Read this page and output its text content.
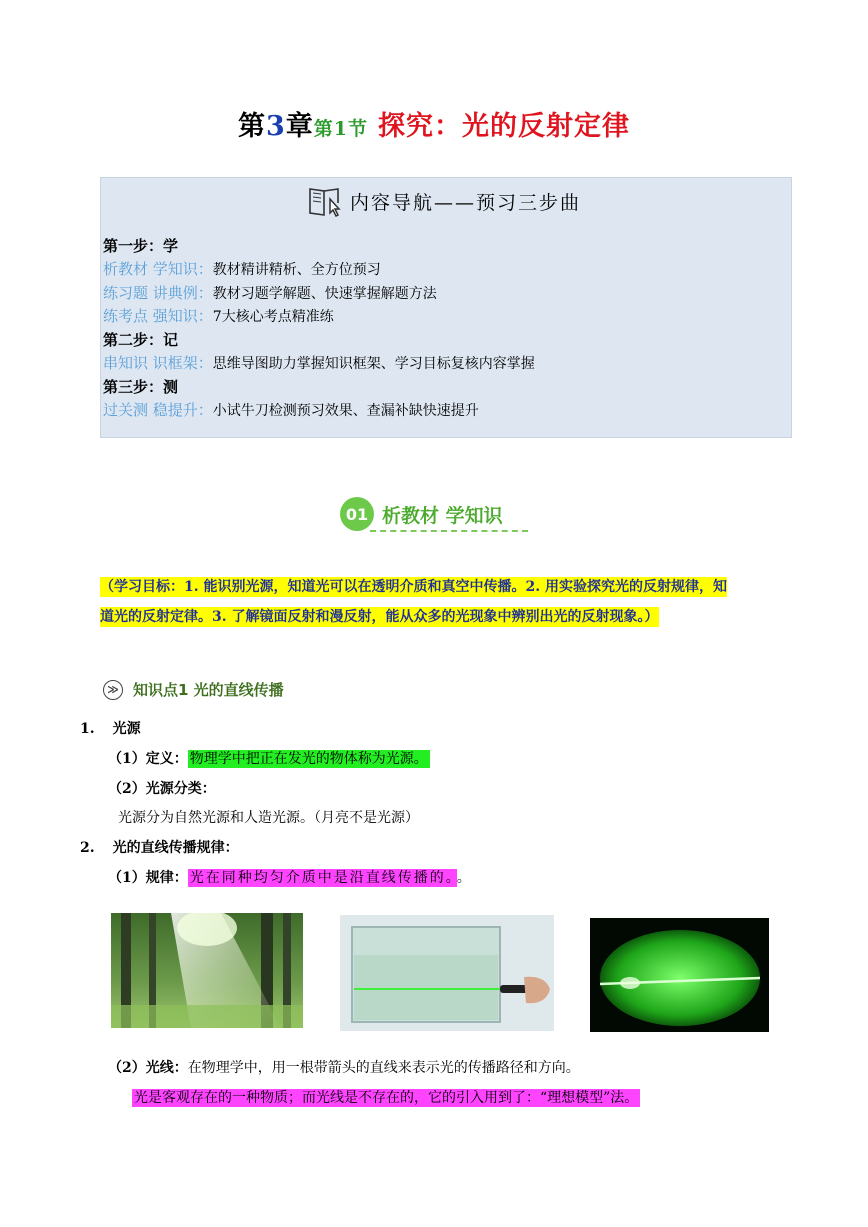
第3章第1节 探究：光的反射定律
内容导航——预习三步曲
第一步：学
析教材 学知识：教材精讲精析、全方位预习
练习题 讲典例：教材习题学解题、快速掌握解题方法
练考点 强知识：7大核心考点精准练
第二步：记
串知识 识框架：思维导图助力掌握知识框架、学习目标复核内容掌握
第三步：测
过关测 稳提升：小试牛刀检测预习效果、查漏补缺快速提升
01 析教材 学知识
（学习目标：1. 能识别光源，知道光可以在透明介质和真空中传播。2. 用实验探究光的反射规律，知
道光的反射定律。3. 了解镜面反射和漫反射，能从众多的光现象中辨别出光的反射现象。）
≫ 知识点1 光的直线传播
1. 光源
（1）定义： 物理学中把正在发光的物体称为光源。
（2）光源分类：
光源分为自然光源和人造光源。（月亮不是光源）
2. 光的直线传播规律：
（1）规律： 光在同种均匀介质中是沿直线传播的。 。
（2）光线：在物理学中，用一根带箭头的直线来表示光的传播路径和方向。
光是客观存在的一种物质；而光线是不存在的，它的引入用到了：“理想模型”法。
